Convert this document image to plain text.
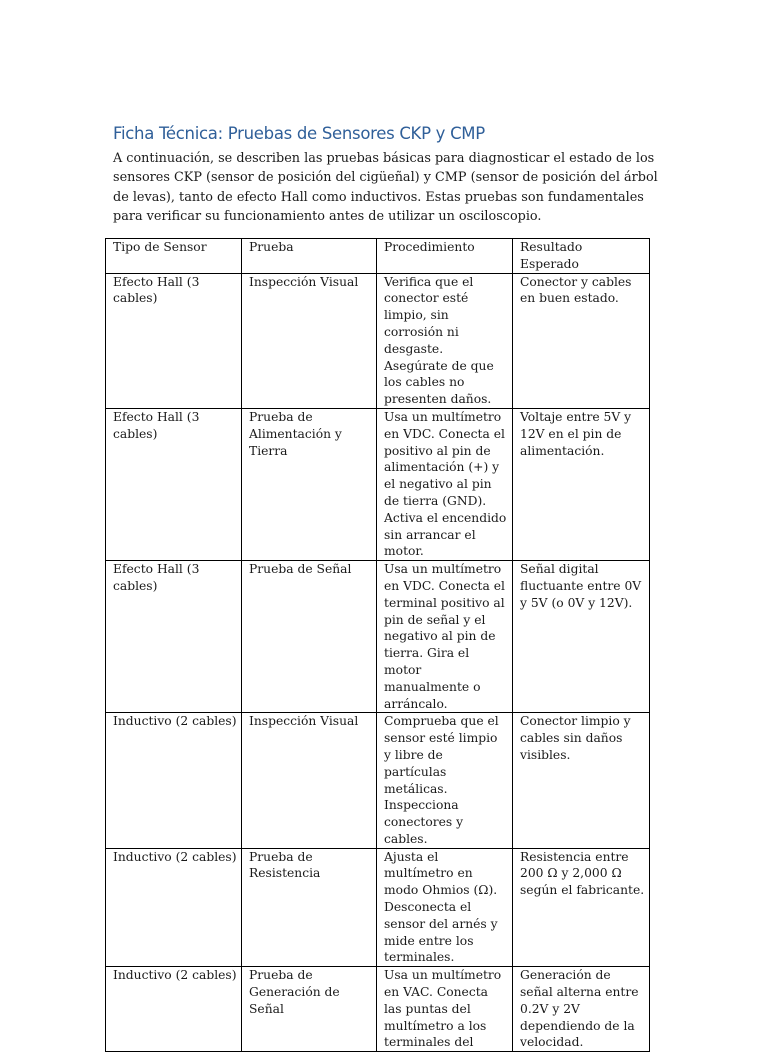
Ficha Técnica: Pruebas de Sensores CKP y CMP

A continuación, se describen las pruebas básicas para diagnosticar el estado de los sensores CKP (sensor de posición del cigüeñal) y CMP (sensor de posición del árbol de levas), tanto de efecto Hall como inductivos. Estas pruebas son fundamentales para verificar su funcionamiento antes de utilizar un osciloscopio.

Tipo de Sensor	Prueba	Procedimiento	Resultado Esperado
Efecto Hall (3 cables)	Inspección Visual	Verifica que el conector esté limpio, sin corrosión ni desgaste. Asegúrate de que los cables no presenten daños.	Conector y cables en buen estado.
Efecto Hall (3 cables)	Prueba de Alimentación y Tierra	Usa un multímetro en VDC. Conecta el positivo al pin de alimentación (+) y el negativo al pin de tierra (GND). Activa el encendido sin arrancar el motor.	Voltaje entre 5V y 12V en el pin de alimentación.
Efecto Hall (3 cables)	Prueba de Señal	Usa un multímetro en VDC. Conecta el terminal positivo al pin de señal y el negativo al pin de tierra. Gira el motor manualmente o arráncalo.	Señal digital fluctuante entre 0V y 5V (o 0V y 12V).
Inductivo (2 cables)	Inspección Visual	Comprueba que el sensor esté limpio y libre de partículas metálicas. Inspecciona conectores y cables.	Conector limpio y cables sin daños visibles.
Inductivo (2 cables)	Prueba de Resistencia	Ajusta el multímetro en modo Ohmios (Ω). Desconecta el sensor del arnés y mide entre los terminales.	Resistencia entre 200 Ω y 2,000 Ω según el fabricante.

Inductivo (2 cables)	Prueba de Generación de Señal	Usa un multímetro en VAC. Conecta las puntas del multímetro a los terminales del	Generación de señal alterna entre 0.2V y 2V dependiendo de la velocidad.
